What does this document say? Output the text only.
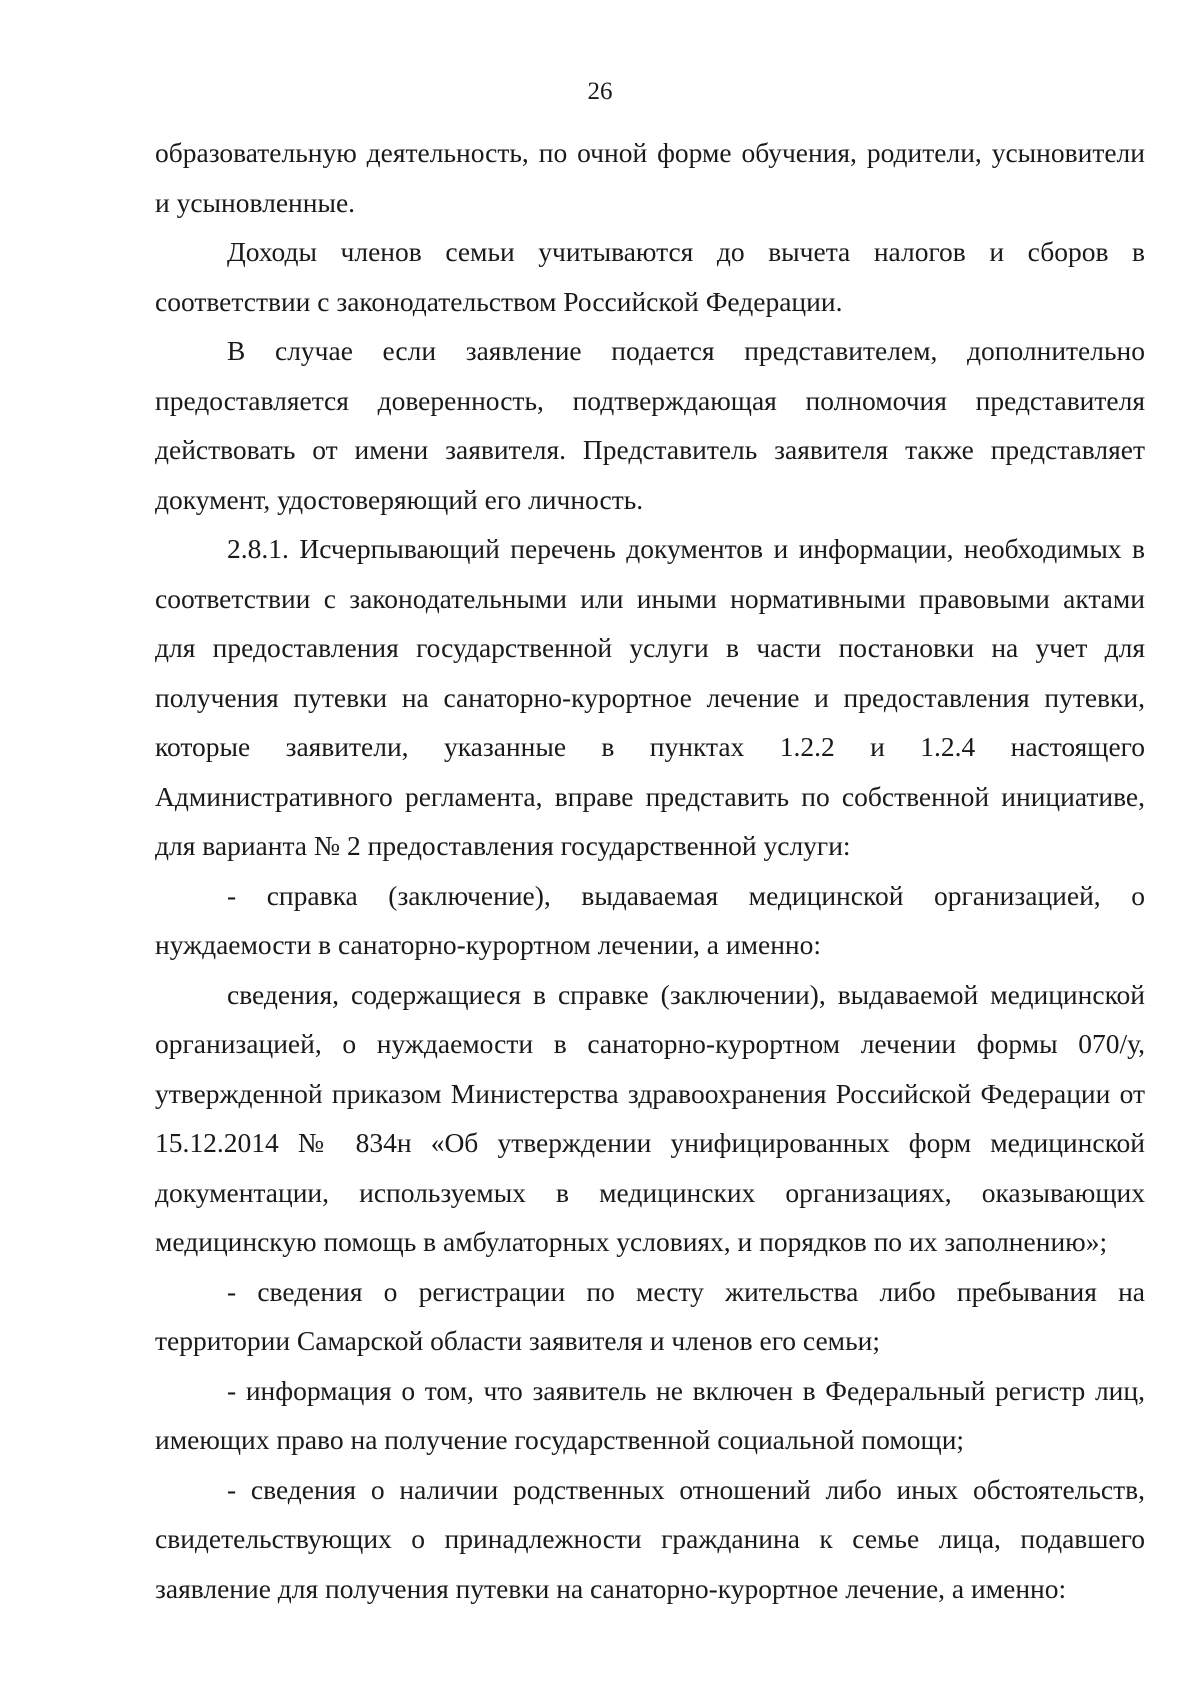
26

образовательную деятельность, по очной форме обучения, родители, усыновители и усыновленные.

Доходы членов семьи учитываются до вычета налогов и сборов в соответствии с законодательством Российской Федерации.

В случае если заявление подается представителем, дополнительно предоставляется доверенность, подтверждающая полномочия представителя действовать от имени заявителя. Представитель заявителя также представляет документ, удостоверяющий его личность.

2.8.1. Исчерпывающий перечень документов и информации, необходимых в соответствии с законодательными или иными нормативными правовыми актами для предоставления государственной услуги в части постановки на учет для получения путевки на санаторно-курортное лечение и предоставления путевки, которые заявители, указанные в пунктах 1.2.2 и 1.2.4 настоящего Административного регламента, вправе представить по собственной инициативе, для варианта № 2 предоставления государственной услуги:

- справка (заключение), выдаваемая медицинской организацией, о нуждаемости в санаторно-курортном лечении, а именно:

сведения, содержащиеся в справке (заключении), выдаваемой медицинской организацией, о нуждаемости в санаторно-курортном лечении формы 070/у, утвержденной приказом Министерства здравоохранения Российской Федерации от 15.12.2014 № 834н «Об утверждении унифицированных форм медицинской документации, используемых в медицинских организациях, оказывающих медицинскую помощь в амбулаторных условиях, и порядков по их заполнению»;

- сведения о регистрации по месту жительства либо пребывания на территории Самарской области заявителя и членов его семьи;

- информация о том, что заявитель не включен в Федеральный регистр лиц, имеющих право на получение государственной социальной помощи;

- сведения о наличии родственных отношений либо иных обстоятельств, свидетельствующих о принадлежности гражданина к семье лица, подавшего заявление для получения путевки на санаторно-курортное лечение, а именно:
